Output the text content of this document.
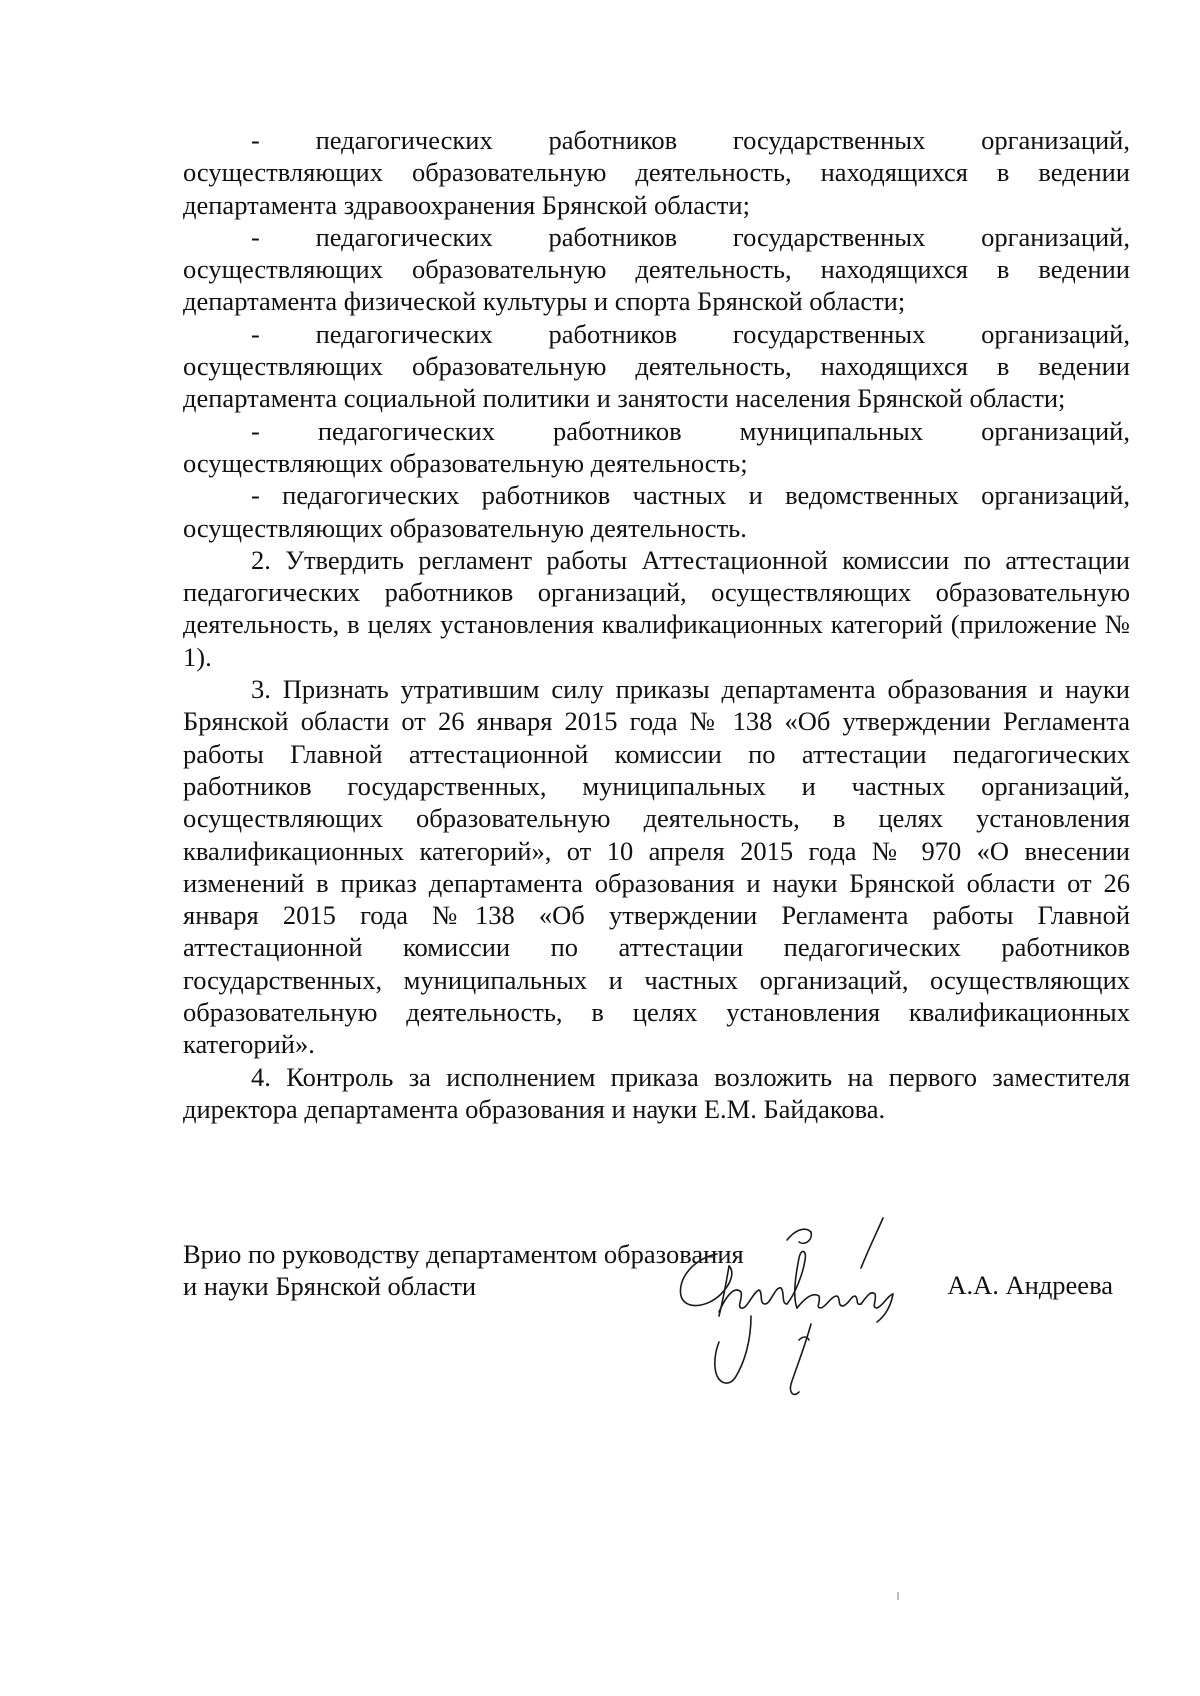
- педагогических работников государственных организаций, осуществляющих образовательную деятельность, находящихся в ведении департамента здравоохранения Брянской области;

- педагогических работников государственных организаций, осуществляющих образовательную деятельность, находящихся в ведении департамента физической культуры и спорта Брянской области;

- педагогических работников государственных организаций, осуществляющих образовательную деятельность, находящихся в ведении департамента социальной политики и занятости населения Брянской области;

- педагогических работников муниципальных организаций, осуществляющих образовательную деятельность;

- педагогических работников частных и ведомственных организаций, осуществляющих образовательную деятельность.

2. Утвердить регламент работы Аттестационной комиссии по аттестации педагогических работников организаций, осуществляющих образовательную деятельность, в целях установления квалификационных категорий (приложение № 1).

3. Признать утратившим силу приказы департамента образования и науки Брянской области от 26 января 2015 года № 138 «Об утверждении Регламента работы Главной аттестационной комиссии по аттестации педагогических работников государственных, муниципальных и частных организаций, осуществляющих образовательную деятельность, в целях установления квалификационных категорий», от 10 апреля 2015 года № 970 «О внесении изменений в приказ департамента образования и науки Брянской области от 26 января 2015 года №138 «Об утверждении Регламента работы Главной аттестационной комиссии по аттестации педагогических работников государственных, муниципальных и частных организаций, осуществляющих образовательную деятельность, в целях установления квалификационных категорий».

4. Контроль за исполнением приказа возложить на первого заместителя директора департамента образования и науки Е.М. Байдакова.

Врио по руководству департаментом образования
и науки Брянской области	А.А. Андреева
